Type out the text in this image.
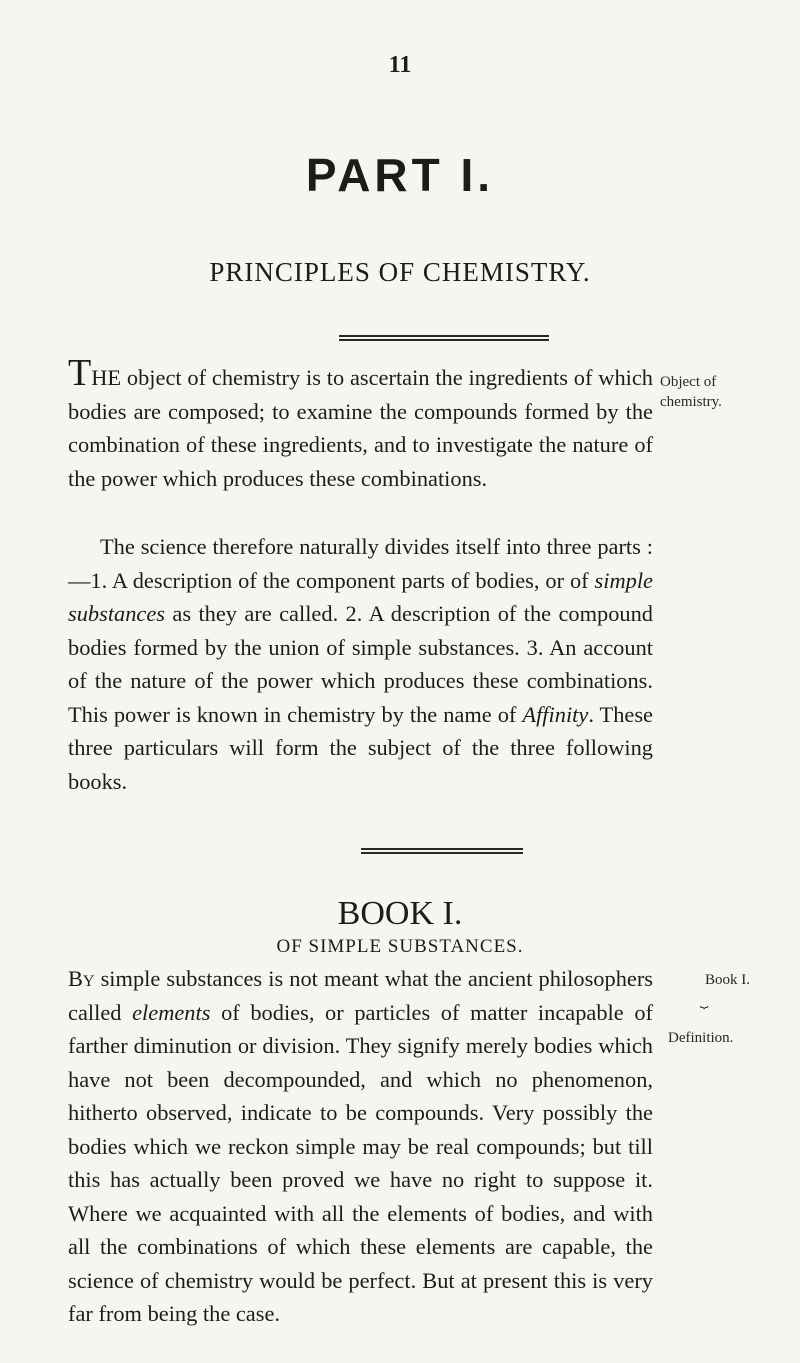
11
PART I.
PRINCIPLES OF CHEMISTRY.

THE object of chemistry is to ascertain the ingredients of which bodies are composed; to examine the compounds formed by the combination of these ingredients, and to investigate the nature of the power which produces these combinations.

Object of
chemistry.

The science therefore naturally divides itself into three parts :—1. A description of the component parts of bodies, or of simple substances as they are called. 2. A description of the compound bodies formed by the union of simple substances. 3. An account of the nature of the power which produces these combinations. This power is known in chemistry by the name of Affinity. These three particulars will form the subject of the three following books.

BOOK I.
OF SIMPLE SUBSTANCES.
Book I.
⏟
Definition.

By simple substances is not meant what the ancient philosophers called elements of bodies, or particles of matter incapable of farther diminution or division. They signify merely bodies which have not been decompounded, and which no phenomenon, hitherto observed, indicate to be compounds. Very possibly the bodies which we reckon simple may be real compounds; but till this has actually been proved we have no right to suppose it. Where we acquainted with all the elements of bodies, and with all the combinations of which these elements are capable, the science of chemistry would be perfect. But at present this is very far from being the case.
